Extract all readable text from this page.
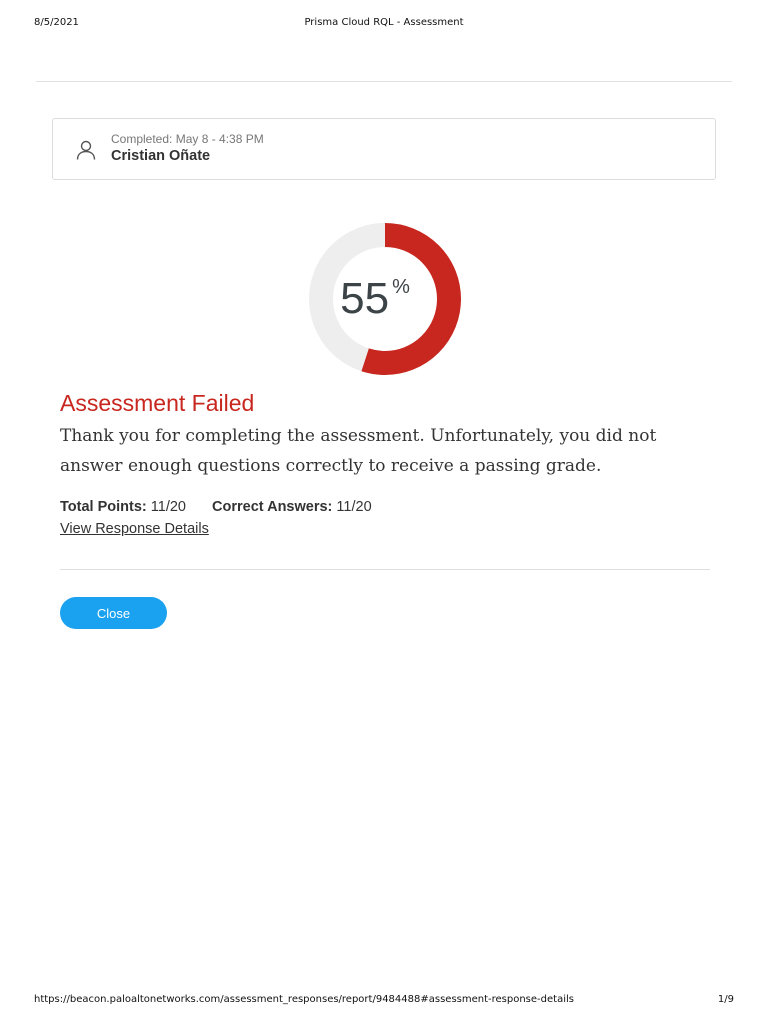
8/5/2021	Prisma Cloud RQL - Assessment
Completed: May 8 - 4:38 PM
Cristian Oñate
55 %
Assessment Failed
Thank you for completing the assessment. Unfortunately, you did not answer enough questions correctly to receive a passing grade.
Total Points: 11/20 Correct Answers: 11/20
View Response Details
Close
https://beacon.paloaltonetworks.com/assessment_responses/report/9484488#assessment-response-details	1/9
